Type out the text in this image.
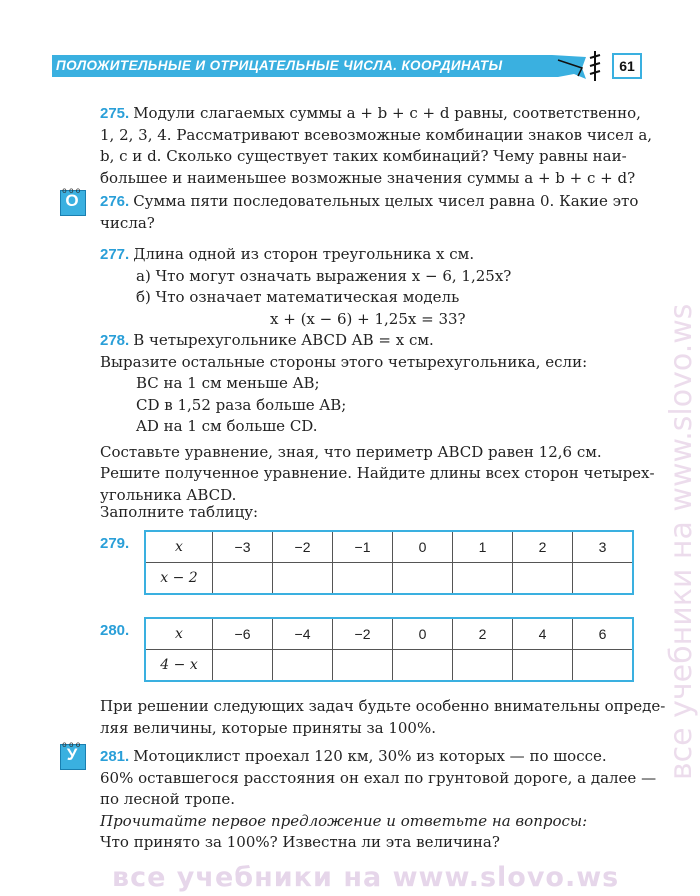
ПОЛОЖИТЕЛЬНЫЕ И ОТРИЦАТЕЛЬНЫЕ ЧИСЛА. КООРДИНАТЫ	61
275. Модули слагаемых суммы a + b + c + d равны, соответственно,
1, 2, 3, 4. Рассматривают всевозможные комбинации знаков чисел a,
b, c и d. Сколько существует таких комбинаций? Чему равны наи-
большее и наименьшее возможные значения суммы a + b + c + d?
ooo
О	276. Сумма пяти последовательных целых чисел равна 0. Какие это
числа?
277. Длина одной из сторон треугольника x см.
а) Что могут означать выражения x − 6, 1,25x?
б) Что означает математическая модель
x + (x − 6) + 1,25x = 33?
278. В четырехугольнике ABCD AB = x см.
Выразите остальные стороны этого четырехугольника, если:
BC на 1 см меньше AB;
CD в 1,52 раза больше AB;
AD на 1 см больше CD.
Составьте уравнение, зная, что периметр ABCD равен 12,6 см.
Решите полученное уравнение. Найдите длины всех сторон четырех-
угольника ABCD.
Заполните таблицу:
279.	x	−3	−2	−1	0	1	2	3
x − 2							
280.	x	−6	−4	−2	0	2	4	6
4 − x							
При решении следующих задач будьте особенно внимательны опреде-
ляя величины, которые приняты за 100%.
ooo
У	281. Мотоциклист проехал 120 км, 30% из которых — по шоссе.
60% оставшегося расстояния он ехал по грунтовой дороге, а далее —
по лесной тропе.
Прочитайте первое предложение и ответьте на вопросы:
Что принято за 100%? Известна ли эта величина?
все учебники на www.slovo.ws
все учебники на www.slovo.ws
